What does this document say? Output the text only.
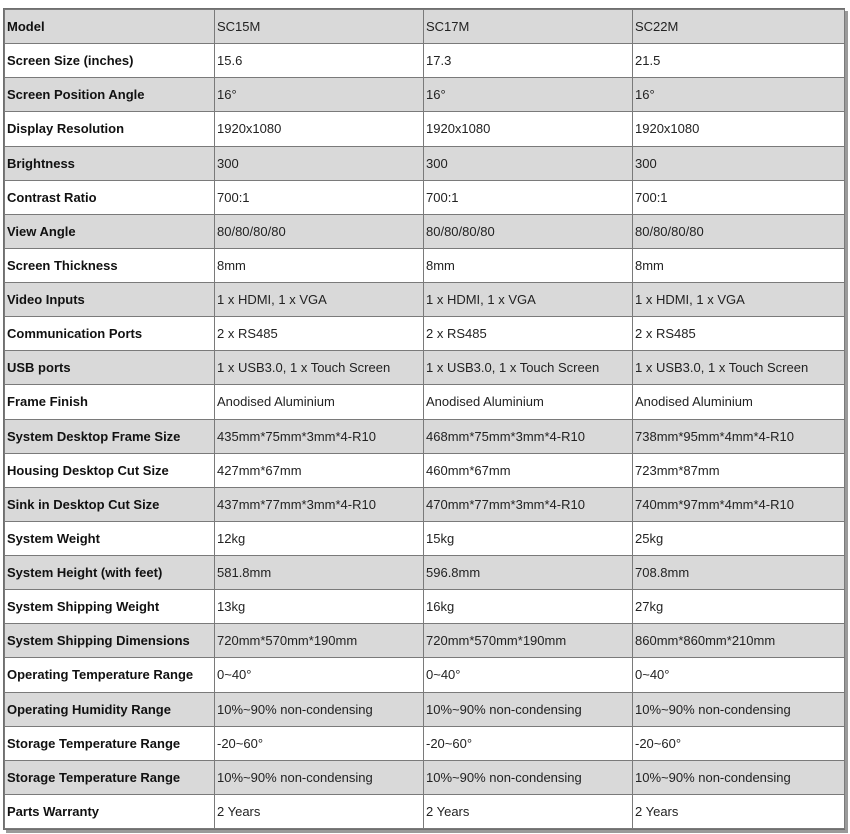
Model	SC15M	SC17M	SC22M
Screen Size (inches)	15.6	17.3	21.5
Screen Position Angle	16°	16°	16°
Display Resolution	1920x1080	1920x1080	1920x1080
Brightness	300	300	300
Contrast Ratio	700:1	700:1	700:1
View Angle	80/80/80/80	80/80/80/80	80/80/80/80
Screen Thickness	8mm	8mm	8mm
Video Inputs	1 x HDMI, 1 x VGA	1 x HDMI, 1 x VGA	1 x HDMI, 1 x VGA
Communication Ports	2 x RS485	2 x RS485	2 x RS485
USB ports	1 x USB3.0, 1 x Touch Screen	1 x USB3.0, 1 x Touch Screen	1 x USB3.0, 1 x Touch Screen
Frame Finish	Anodised Aluminium	Anodised Aluminium	Anodised Aluminium
System Desktop Frame Size	435mm*75mm*3mm*4-R10	468mm*75mm*3mm*4-R10	738mm*95mm*4mm*4-R10
Housing Desktop Cut Size	427mm*67mm	460mm*67mm	723mm*87mm
Sink in Desktop Cut Size	437mm*77mm*3mm*4-R10	470mm*77mm*3mm*4-R10	740mm*97mm*4mm*4-R10
System Weight	12kg	15kg	25kg
System Height (with feet)	581.8mm	596.8mm	708.8mm
System Shipping Weight	13kg	16kg	27kg
System Shipping Dimensions	720mm*570mm*190mm	720mm*570mm*190mm	860mm*860mm*210mm
Operating Temperature Range	0~40°	0~40°	0~40°
Operating Humidity Range	10%~90% non-condensing	10%~90% non-condensing	10%~90% non-condensing
Storage Temperature Range	-20~60°	-20~60°	-20~60°
Storage Temperature Range	10%~90% non-condensing	10%~90% non-condensing	10%~90% non-condensing
Parts Warranty	2 Years	2 Years	2 Years
